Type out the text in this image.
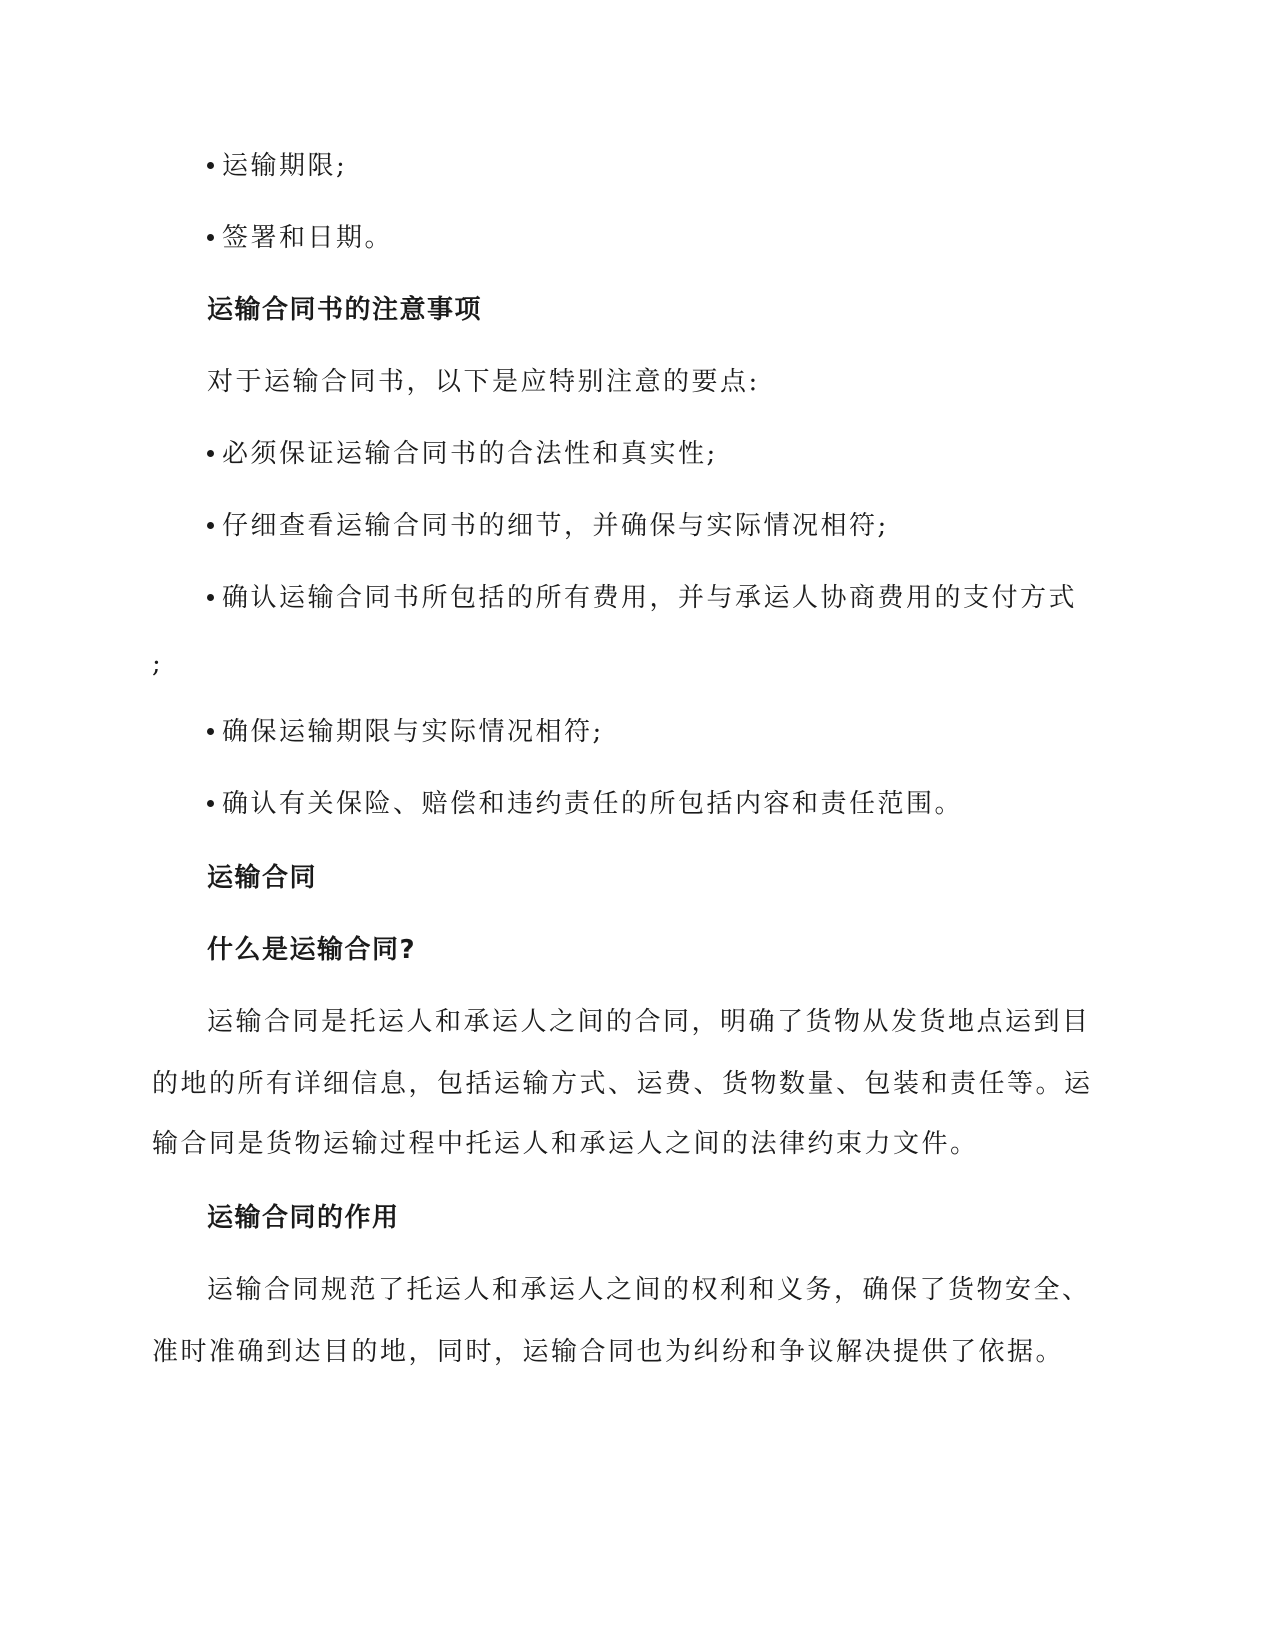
运输期限;
签署和日期。
运输合同书的注意事项
对于运输合同书，以下是应特别注意的要点:
必须保证运输合同书的合法性和真实性;
仔细查看运输合同书的细节，并确保与实际情况相符;
确认运输合同书所包括的所有费用，并与承运人协商费用的支付方式
;
确保运输期限与实际情况相符;
确认有关保险、赔偿和违约责任的所包括内容和责任范围。
运输合同
什么是运输合同?
运输合同是托运人和承运人之间的合同，明确了货物从发货地点运到目
的地的所有详细信息，包括运输方式、运费、货物数量、包装和责任等。运
输合同是货物运输过程中托运人和承运人之间的法律约束力文件。
运输合同的作用
运输合同规范了托运人和承运人之间的权利和义务，确保了货物安全、
准时准确到达目的地，同时，运输合同也为纠纷和争议解决提供了依据。
